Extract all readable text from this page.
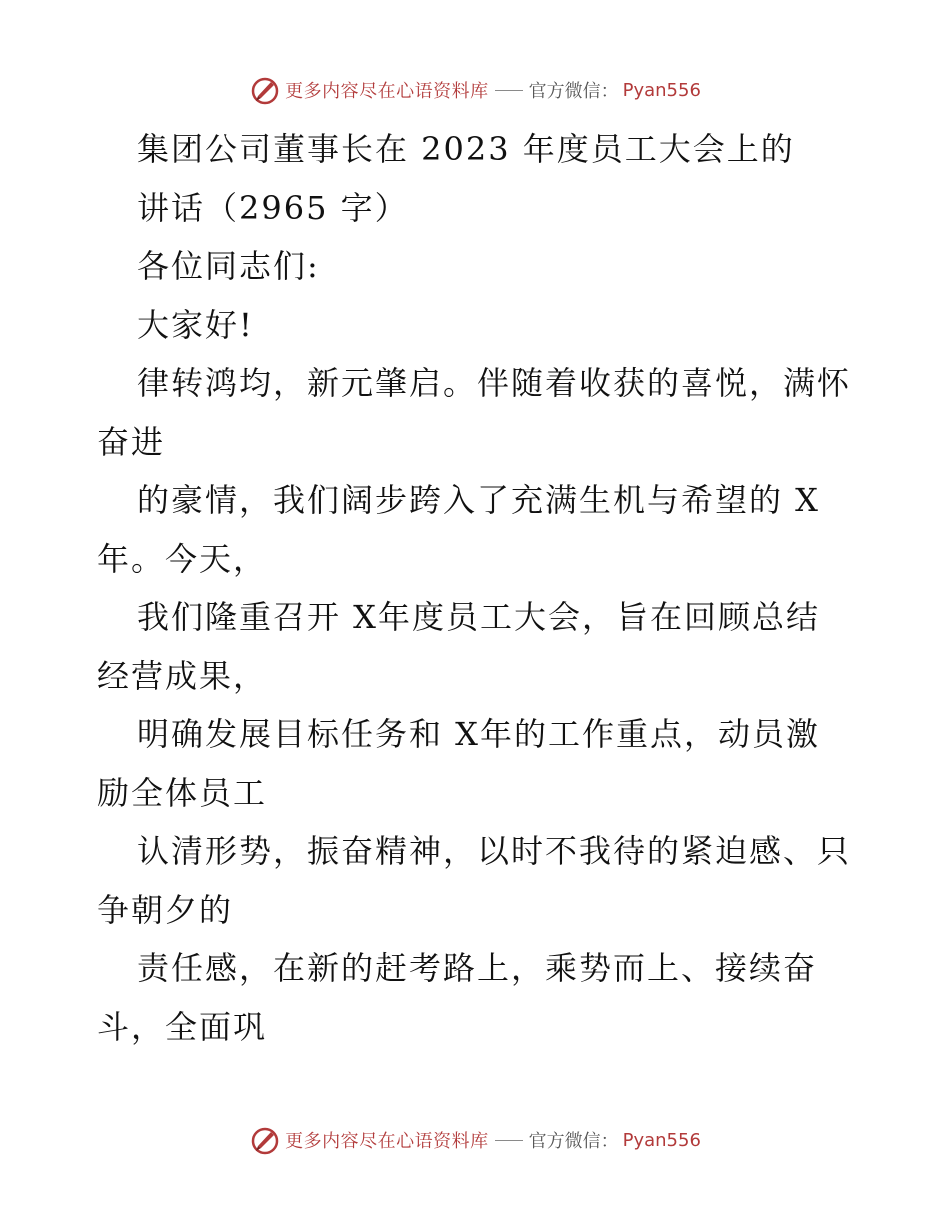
更多内容尽在心语资料库 官方微信： Pyan556
集团公司董事长在 2023 年度员工大会上的
讲话（2965 字）
各位同志们:
大家好!
律转鸿均，新元肇启。伴随着收获的喜悦，满怀
奋进
的豪情，我们阔步跨入了充满生机与希望的 X
年。今天，
我们隆重召开 X年度员工大会，旨在回顾总结
经营成果，
明确发展目标任务和 X年的工作重点，动员激
励全体员工
认清形势，振奋精神，以时不我待的紧迫感、只
争朝夕的
责任感，在新的赶考路上，乘势而上、接续奋
斗，全面巩
更多内容尽在心语资料库 官方微信： Pyan556
